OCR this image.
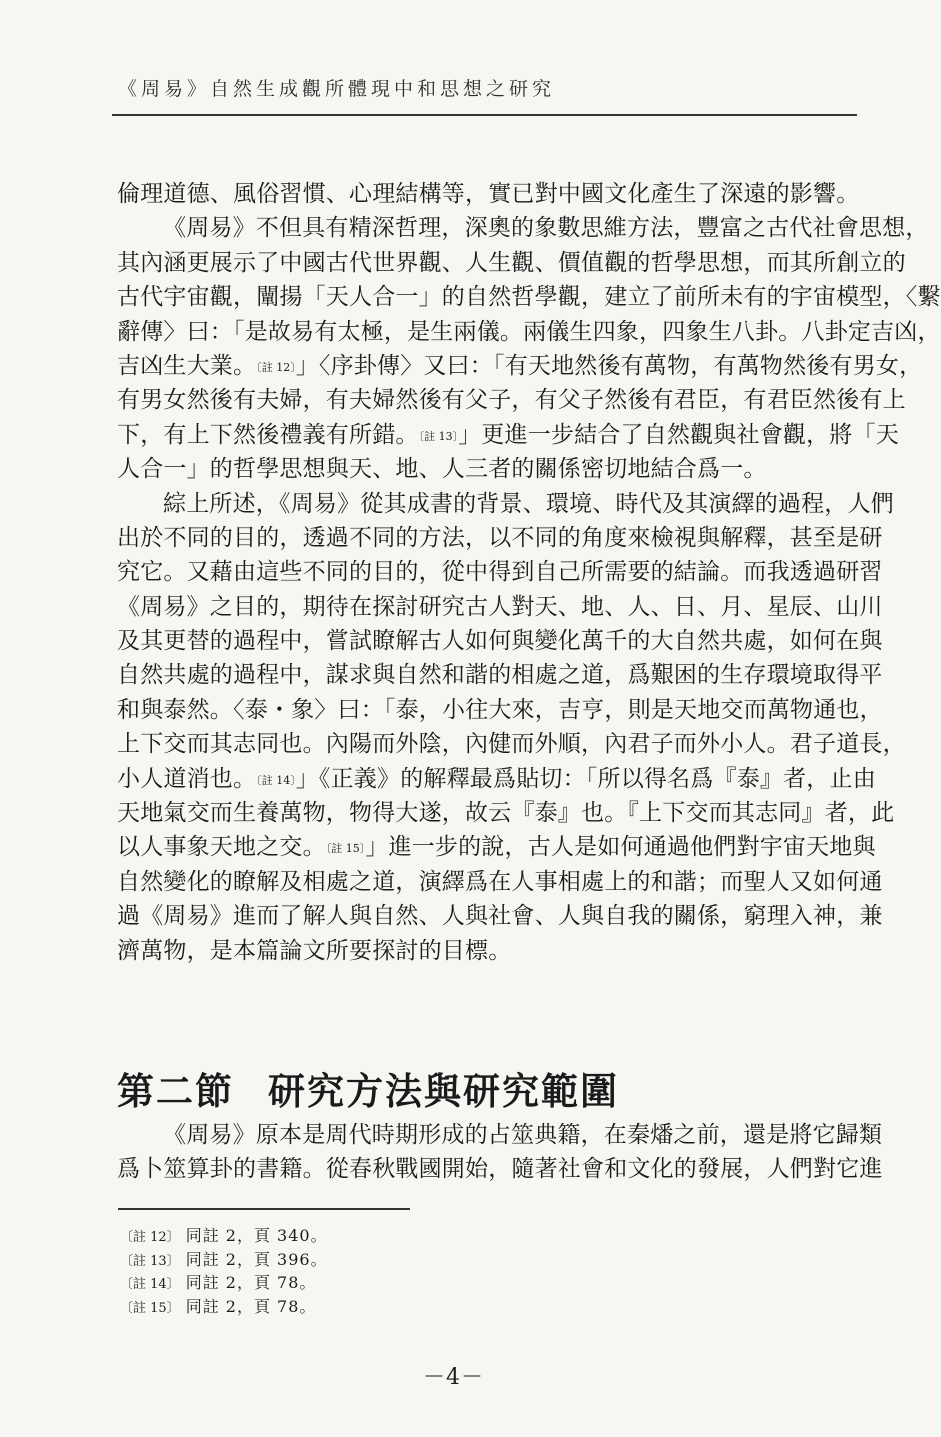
《周易》自然生成觀所體現中和思想之研究
倫理道德、風俗習慣、心理結構等，實已對中國文化產生了深遠的影響。
《周易》不但具有精深哲理，深奧的象數思維方法，豐富之古代社會思想，
其內涵更展示了中國古代世界觀、人生觀、價值觀的哲學思想，而其所創立的
古代宇宙觀，闡揚「天人合一」的自然哲學觀，建立了前所未有的宇宙模型，〈繫
辭傳〉曰：「是故易有太極，是生兩儀。兩儀生四象，四象生八卦。八卦定吉凶，
吉凶生大業。〔註 12〕」〈序卦傳〉又曰：「有天地然後有萬物，有萬物然後有男女，
有男女然後有夫婦，有夫婦然後有父子，有父子然後有君臣，有君臣然後有上
下，有上下然後禮義有所錯。〔註 13〕」更進一步結合了自然觀與社會觀，將「天
人合一」的哲學思想與天、地、人三者的關係密切地結合爲一。
綜上所述，《周易》從其成書的背景、環境、時代及其演繹的過程，人們
出於不同的目的，透過不同的方法，以不同的角度來檢視與解釋，甚至是研
究它。又藉由這些不同的目的，從中得到自己所需要的結論。而我透過研習
《周易》之目的，期待在探討研究古人對天、地、人、日、月、星辰、山川
及其更替的過程中，嘗試瞭解古人如何與變化萬千的大自然共處，如何在與
自然共處的過程中，謀求與自然和諧的相處之道，爲艱困的生存環境取得平
和與泰然。〈泰・象〉曰：「泰，小往大來，吉亨，則是天地交而萬物通也，
上下交而其志同也。內陽而外陰，內健而外順，內君子而外小人。君子道長，
小人道消也。〔註 14〕」《正義》的解釋最爲貼切：「所以得名爲『泰』者，止由
天地氣交而生養萬物，物得大遂，故云『泰』也。『上下交而其志同』者，此
以人事象天地之交。〔註 15〕」進一步的說，古人是如何通過他們對宇宙天地與
自然變化的瞭解及相處之道，演繹爲在人事相處上的和諧；而聖人又如何通
過《周易》進而了解人與自然、人與社會、人與自我的關係，窮理入神，兼
濟萬物，是本篇論文所要探討的目標。
第二節 研究方法與研究範圍
《周易》原本是周代時期形成的占筮典籍，在秦燔之前，還是將它歸類
爲卜筮算卦的書籍。從春秋戰國開始，隨著社會和文化的發展，人們對它進
〔註 12〕 同註 2，頁 340。
〔註 13〕 同註 2，頁 396。
〔註 14〕 同註 2，頁 78。
〔註 15〕 同註 2，頁 78。
－4－
